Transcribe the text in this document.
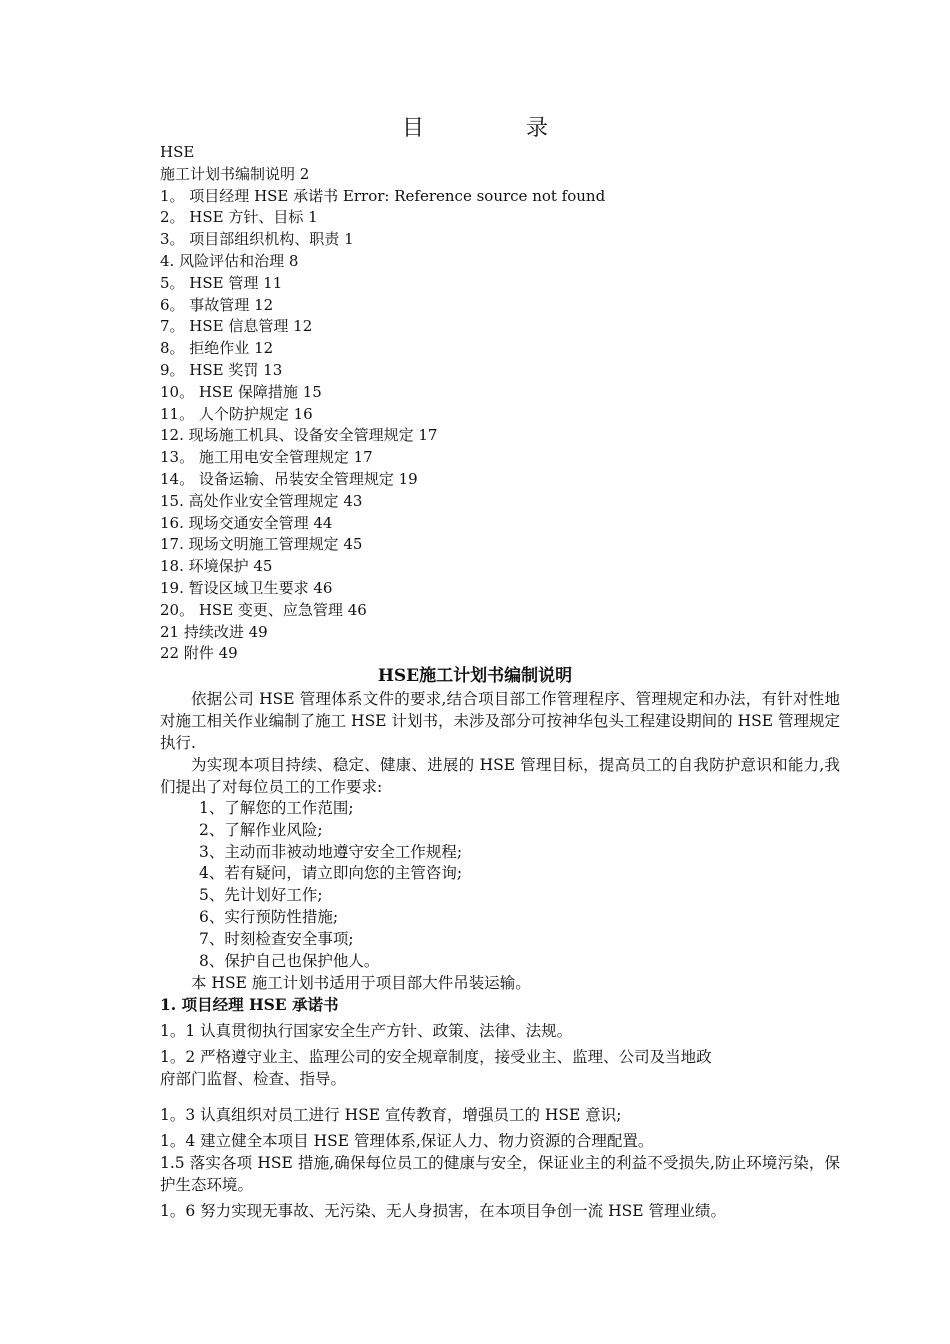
目　录
HSE
施工计划书编制说明 2
1。 项目经理 HSE 承诺书 Error: Reference source not found
2。 HSE 方针、目标 1
3。 项目部组织机构、职责 1
4. 风险评估和治理 8
5。 HSE 管理 11
6。 事故管理 12
7。 HSE 信息管理 12
8。 拒绝作业 12
9。 HSE 奖罚 13
10。 HSE 保障措施 15
11。 人个防护规定 16
12. 现场施工机具、设备安全管理规定 17
13。 施工用电安全管理规定 17
14。 设备运输、吊装安全管理规定 19
15. 高处作业安全管理规定 43
16. 现场交通安全管理 44
17. 现场文明施工管理规定 45
18. 环境保护 45
19. 暂设区域卫生要求 46
20。 HSE 变更、应急管理 46
21 持续改进 49
22 附件 49
HSE施工计划书编制说明

依据公司 HSE 管理体系文件的要求,结合项目部工作管理程序、管理规定和办法，有针对性地对施工相关作业编制了施工 HSE 计划书，未涉及部分可按神华包头工程建设期间的 HSE 管理规定执行.

为实现本项目持续、稳定、健康、进展的 HSE 管理目标，提高员工的自我防护意识和能力,我们提出了对每位员工的工作要求:

1、了解您的工作范围;
2、了解作业风险;
3、主动而非被动地遵守安全工作规程;
4、若有疑问，请立即向您的主管咨询;
5、先计划好工作;
6、实行预防性措施;
7、时刻检查安全事项;
8、保护自己也保护他人。

本 HSE 施工计划书适用于项目部大件吊装运输。

1. 项目经理 HSE 承诺书

1。1 认真贯彻执行国家安全生产方针、政策、法律、法规。

1。2 严格遵守业主、监理公司的安全规章制度，接受业主、监理、公司及当地政

府部门监督、检查、指导。

1。3 认真组织对员工进行 HSE 宣传教育，增强员工的 HSE 意识;

1。4 建立健全本项目 HSE 管理体系,保证人力、物力资源的合理配置。

1.5 落实各项 HSE 措施,确保每位员工的健康与安全，保证业主的利益不受损失,防止环境污染，保护生态环境。

1。6 努力实现无事故、无污染、无人身损害，在本项目争创一流 HSE 管理业绩。
